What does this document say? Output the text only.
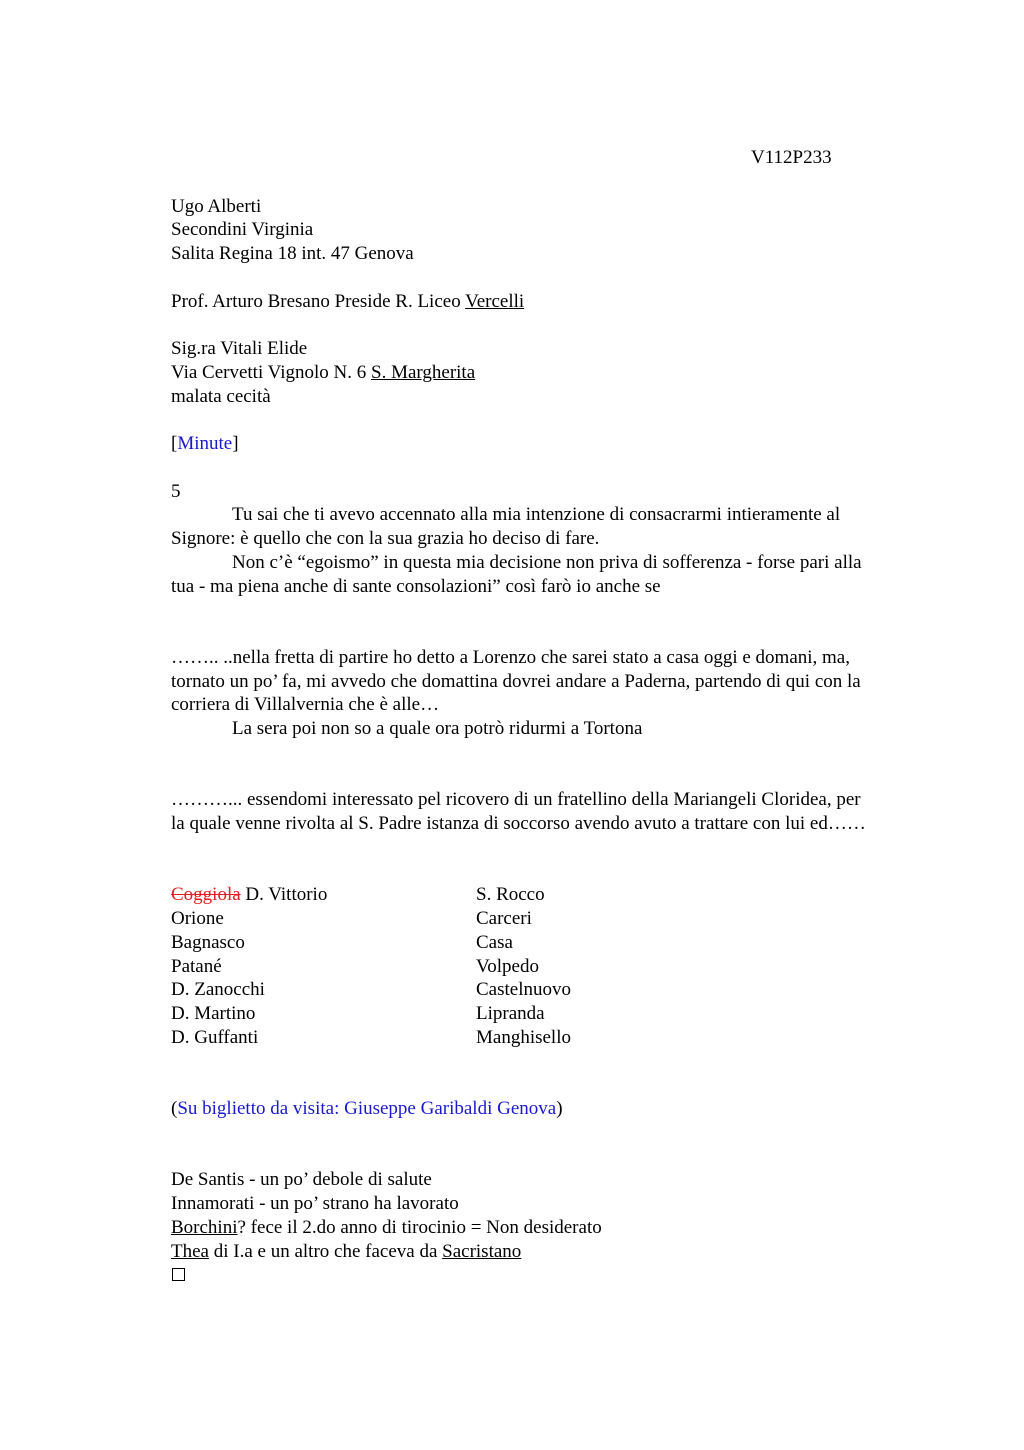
V112P233
Ugo Alberti
Secondini Virginia
Salita Regina 18 int. 47 Genova
Prof. Arturo Bresano Preside R. Liceo Vercelli
Sig.ra Vitali Elide
Via Cervetti Vignolo N. 6 S. Margherita
malata cecità
[Minute]
5
Tu sai che ti avevo accennato alla mia intenzione di consacrarmi intieramente al
Signore: è quello che con la sua grazia ho deciso di fare.
Non c’è “egoismo” in questa mia decisione non priva di sofferenza - forse pari alla
tua - ma piena anche di sante consolazioni” così farò io anche se
…….. ..nella fretta di partire ho detto a Lorenzo che sarei stato a casa oggi e domani, ma,
tornato un po’ fa, mi avvedo che domattina dovrei andare a Paderna, partendo di qui con la
corriera di Villalvernia che è alle…
La sera poi non so a quale ora potrò ridurmi a Tortona
………... essendomi interessato pel ricovero di un fratellino della Mariangeli Cloridea, per
la quale venne rivolta al S. Padre istanza di soccorso avendo avuto a trattare con lui ed……
Coggiola D. Vittorio
Orione
Bagnasco
Patané
D. Zanocchi
D. Martino
D. Guffanti
S. Rocco
Carceri
Casa
Volpedo
Castelnuovo
Lipranda
Manghisello
(Su biglietto da visita: Giuseppe Garibaldi Genova)
De Santis - un po’ debole di salute
Innamorati - un po’ strano ha lavorato
Borchini? fece il 2.do anno di tirocinio = Non desiderato
Thea di I.a e un altro che faceva da Sacristano
